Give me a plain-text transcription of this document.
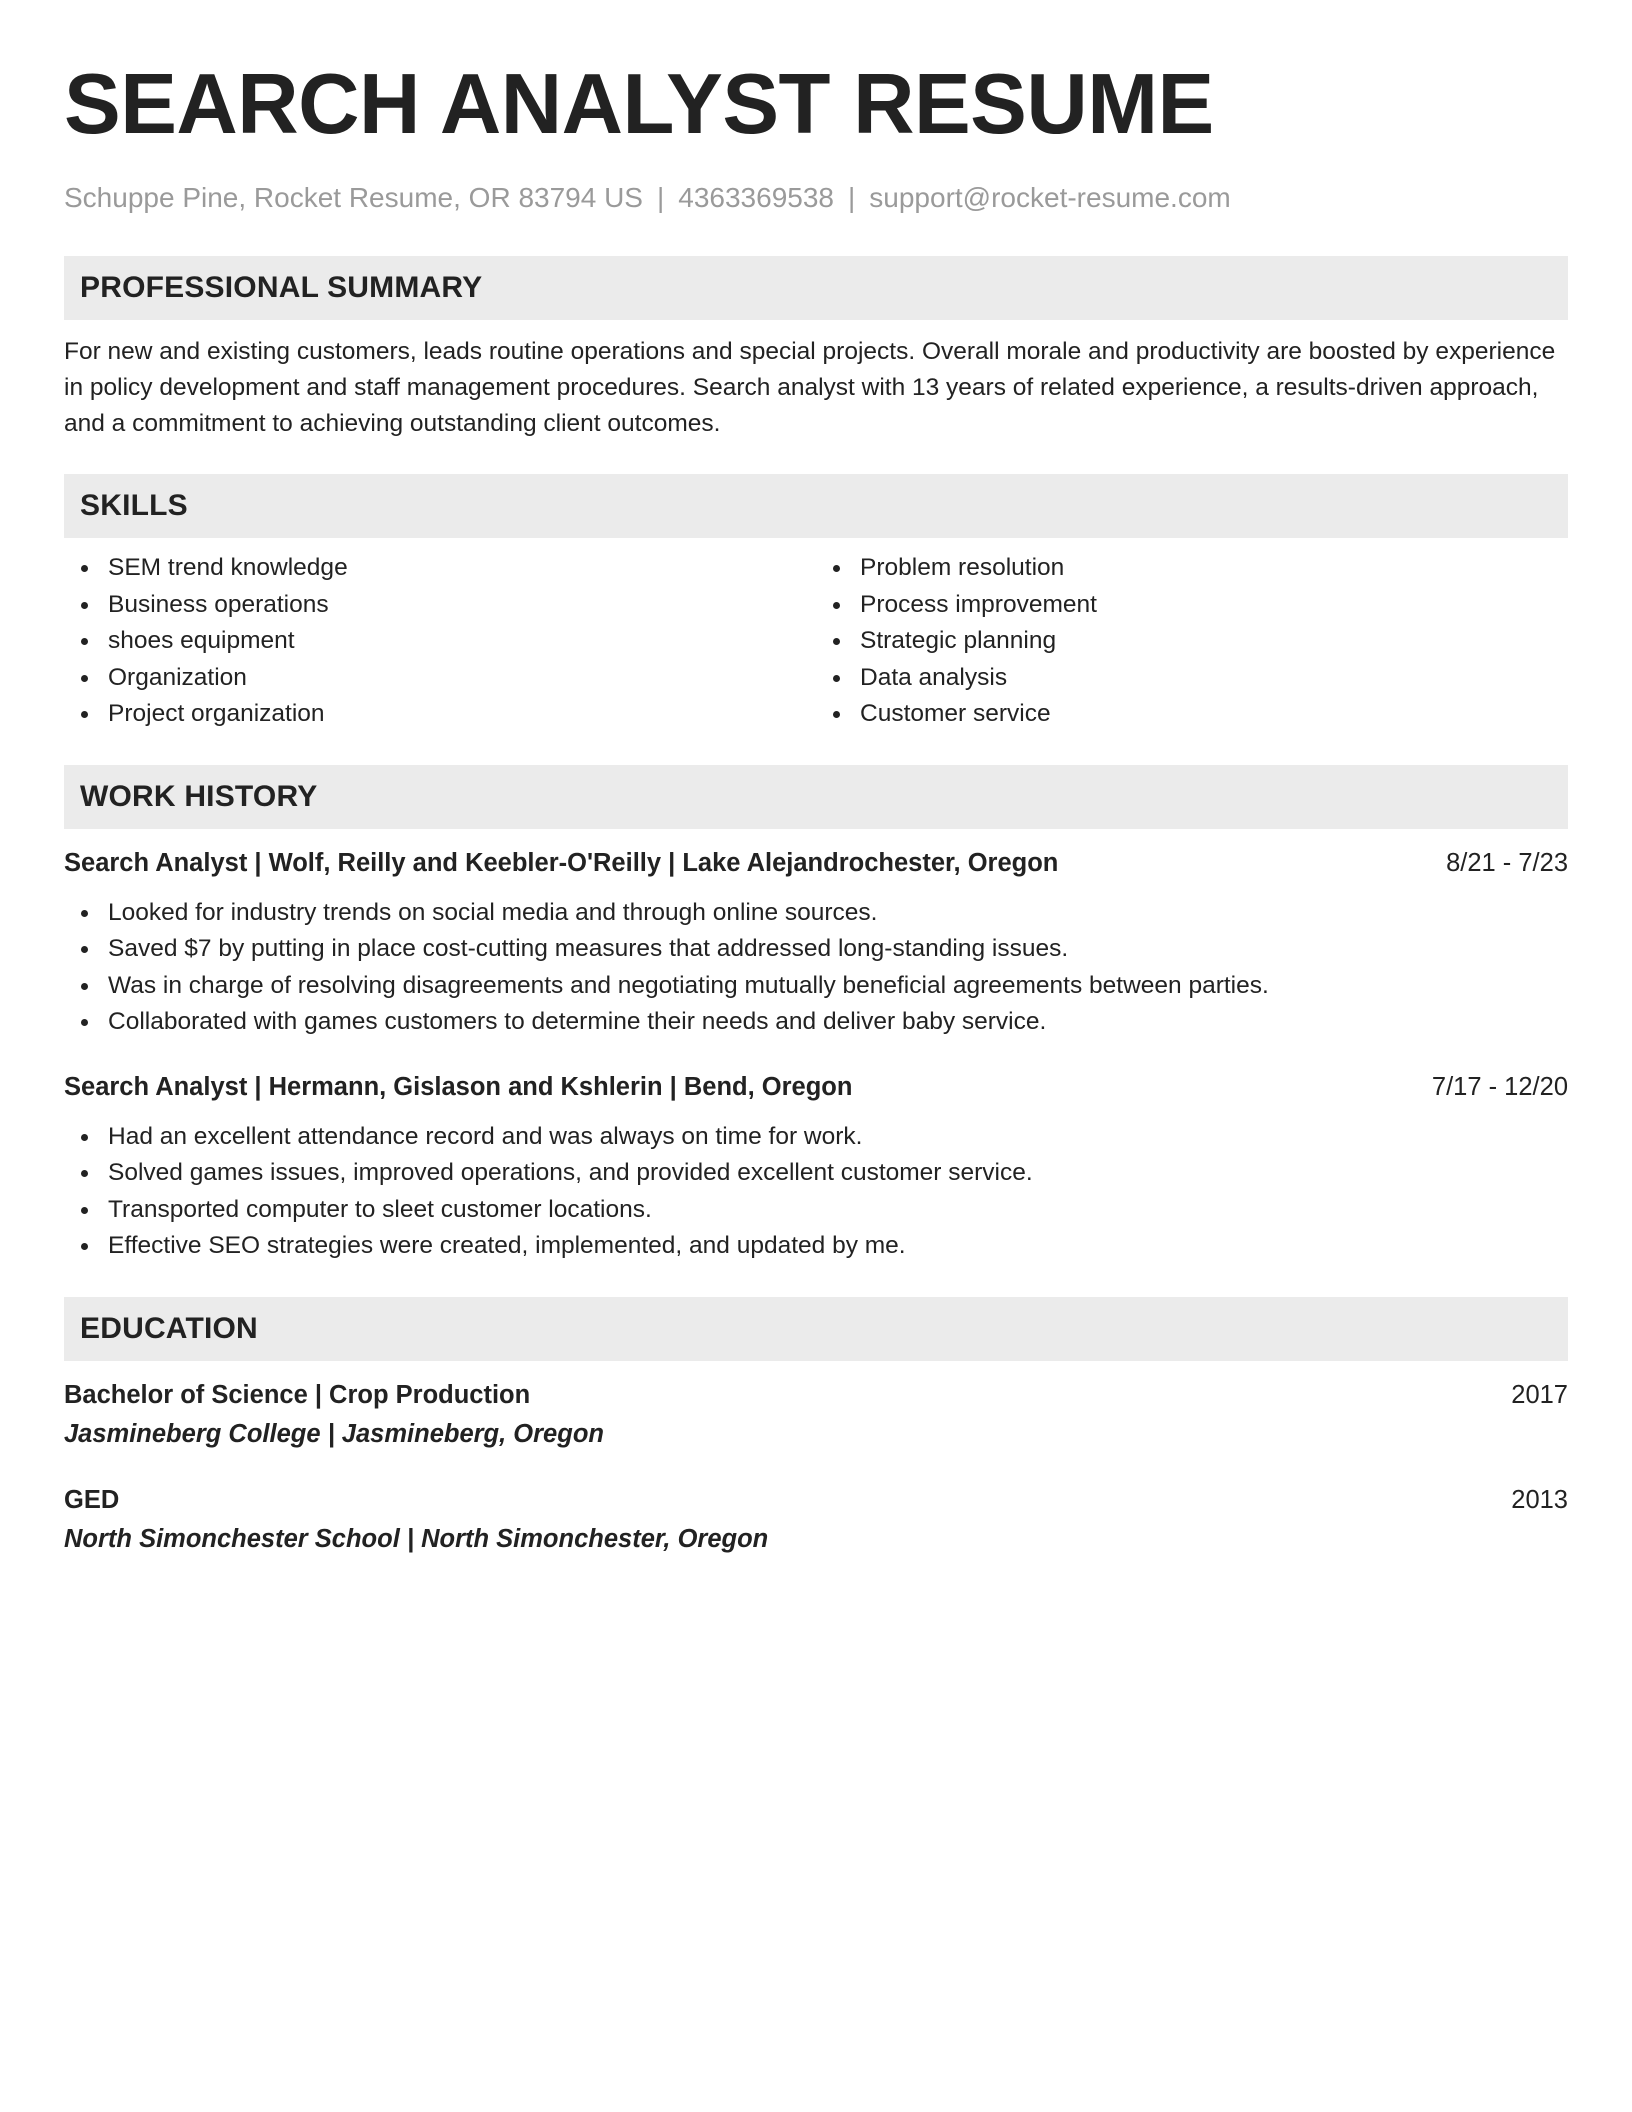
SEARCH ANALYST RESUME
Schuppe Pine, Rocket Resume, OR 83794 US | 4363369538 | support@rocket-resume.com
PROFESSIONAL SUMMARY

For new and existing customers, leads routine operations and special projects. Overall morale and productivity are boosted by experience in policy development and staff management procedures. Search analyst with 13 years of related experience, a results-driven approach, and a commitment to achieving outstanding client outcomes.

SKILLS
SEM trend knowledge
Business operations
shoes equipment
Organization
Project organization
Problem resolution
Process improvement
Strategic planning
Data analysis
Customer service
WORK HISTORY
Search Analyst | Wolf, Reilly and Keebler-O'Reilly | Lake Alejandrochester, Oregon	8/21 - 7/23
Looked for industry trends on social media and through online sources.
Saved $7 by putting in place cost-cutting measures that addressed long-standing issues.
Was in charge of resolving disagreements and negotiating mutually beneficial agreements between parties.
Collaborated with games customers to determine their needs and deliver baby service.
Search Analyst | Hermann, Gislason and Kshlerin | Bend, Oregon	7/17 - 12/20
Had an excellent attendance record and was always on time for work.
Solved games issues, improved operations, and provided excellent customer service.
Transported computer to sleet customer locations.
Effective SEO strategies were created, implemented, and updated by me.
EDUCATION
Bachelor of Science | Crop Production	2017
Jasmineberg College | Jasmineberg, Oregon
GED	2013
North Simonchester School | North Simonchester, Oregon
